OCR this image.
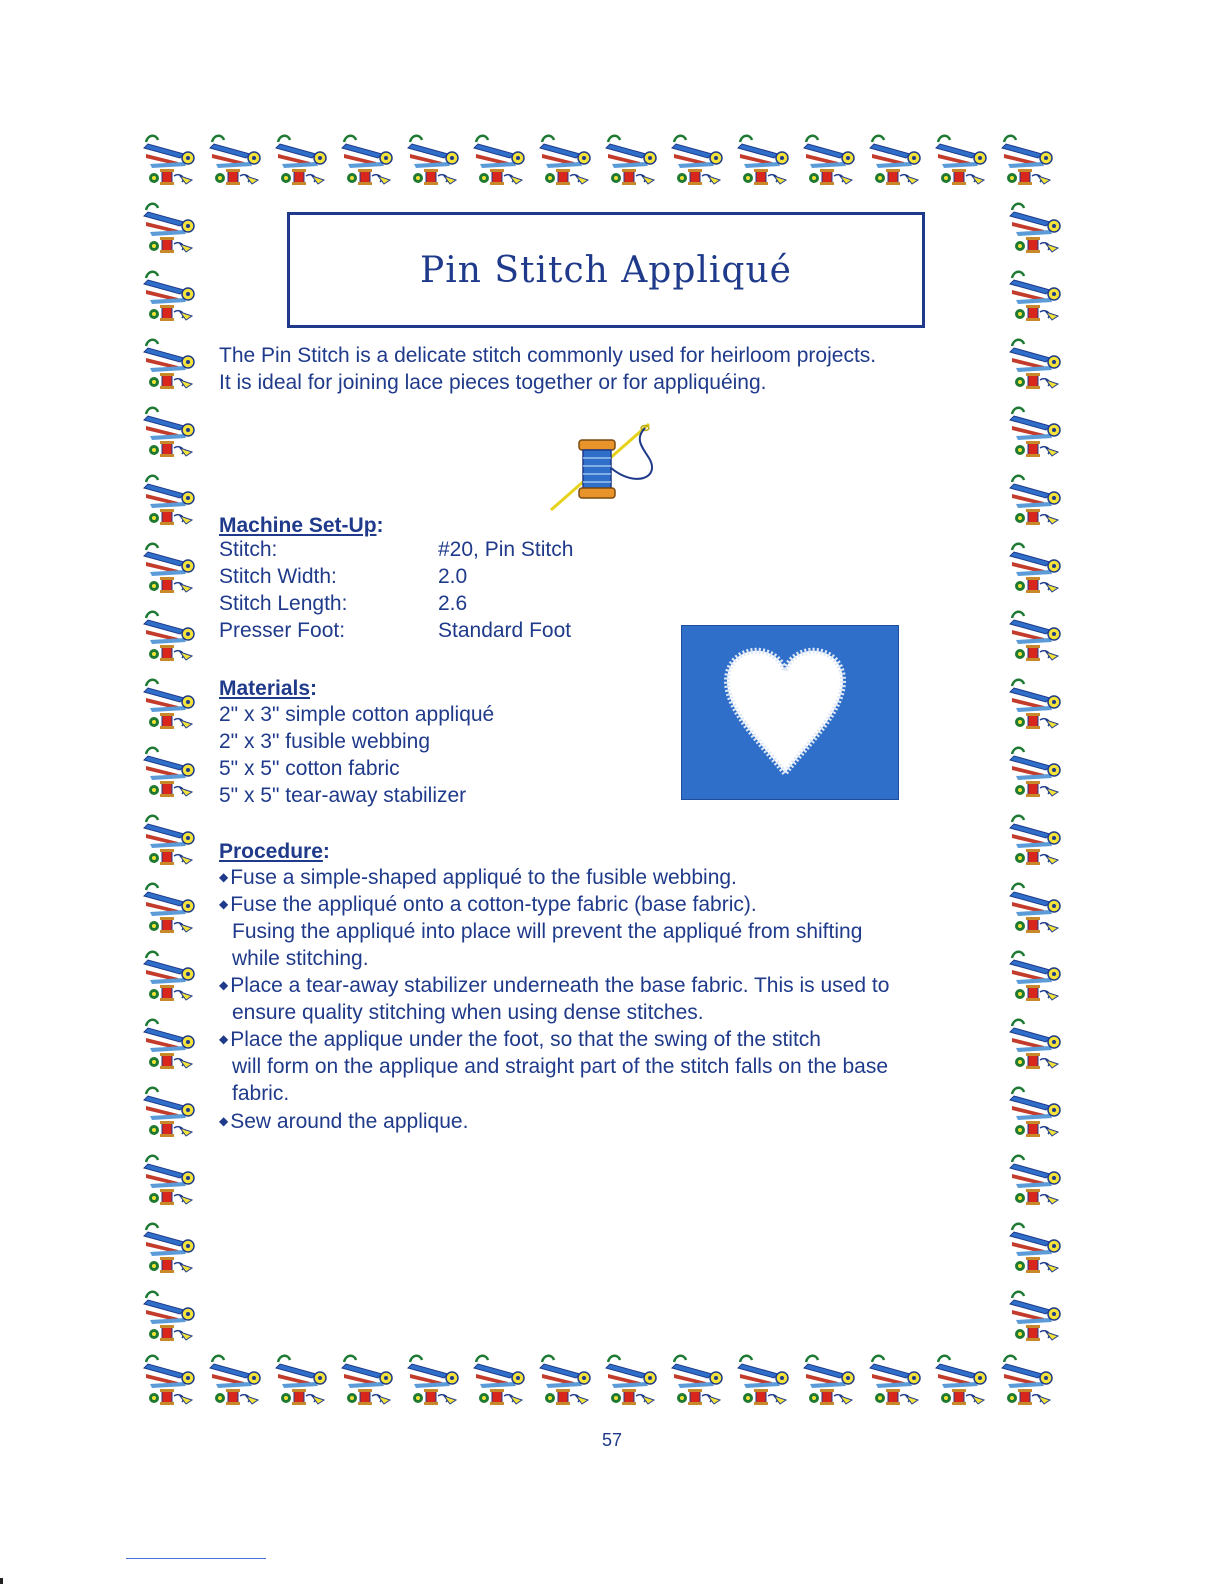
Pin Stitch Appliqué
The Pin Stitch is a delicate stitch commonly used for heirloom projects.
It is ideal for joining lace pieces together or for appliquéing.
Machine Set-Up:
Stitch:	#20, Pin Stitch
Stitch Width:	2.0
Stitch Length:	2.6
Presser Foot:	Standard Foot
Materials:
2" x 3" simple cotton appliqué
2" x 3" fusible webbing
5" x 5" cotton fabric
5" x 5" tear-away stabilizer
Procedure:
◆Fuse a simple-shaped appliqué to the fusible webbing.
◆Fuse the appliqué onto a cotton-type fabric (base fabric).
Fusing the appliqué into place will prevent the appliqué from shifting
while stitching.
◆Place a tear-away stabilizer underneath the base fabric. This is used to
ensure quality stitching when using dense stitches.
◆Place the applique under the foot, so that the swing of the stitch
will form on the applique and straight part of the stitch falls on the base
fabric.
◆Sew around the applique.
57
